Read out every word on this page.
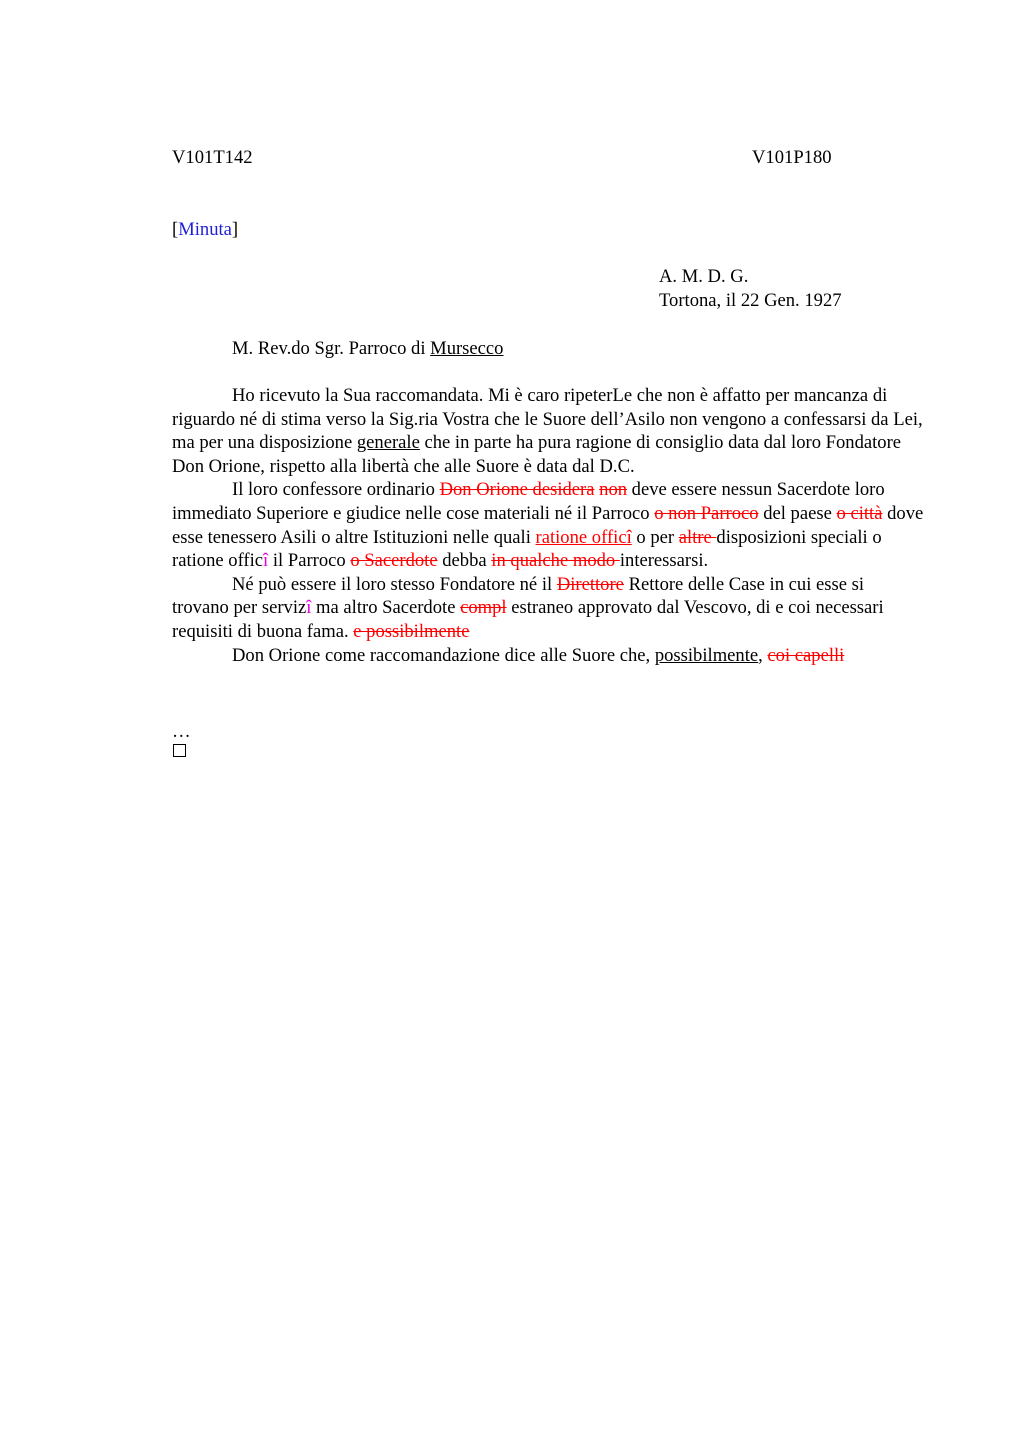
V101T142	V101P180
[Minuta]
A. M. D. G.
Tortona, il 22 Gen. 1927
M. Rev.do Sgr. Parroco di Mursecco

Ho ricevuto la Sua raccomandata. Mi è caro ripeterLe che non è affatto per mancanza di riguardo né di stima verso la Sig.ria Vostra che le Suore dell’Asilo non vengono a confessarsi da Lei, ma per una disposizione generale che in parte ha pura ragione di consiglio data dal loro Fondatore Don Orione, rispetto alla libertà che alle Suore è data dal D.C.

Il loro confessore ordinario Don Orione desidera non deve essere nessun Sacerdote loro immediato Superiore e giudice nelle cose materiali né il Parroco o non Parroco del paese o città dove esse tenessero Asili o altre Istituzioni nelle quali ratione officî o per altre disposizioni speciali o ratione officî il Parroco o Sacerdote debba in qualche modo interessarsi.

Né può essere il loro stesso Fondatore né il Direttore Rettore delle Case in cui esse si trovano per servizî ma altro Sacerdote compl estraneo approvato dal Vescovo, di e coi necessari requisiti di buona fama. e possibilmente

Don Orione come raccomandazione dice alle Suore che, possibilmente, coi capelli

…
